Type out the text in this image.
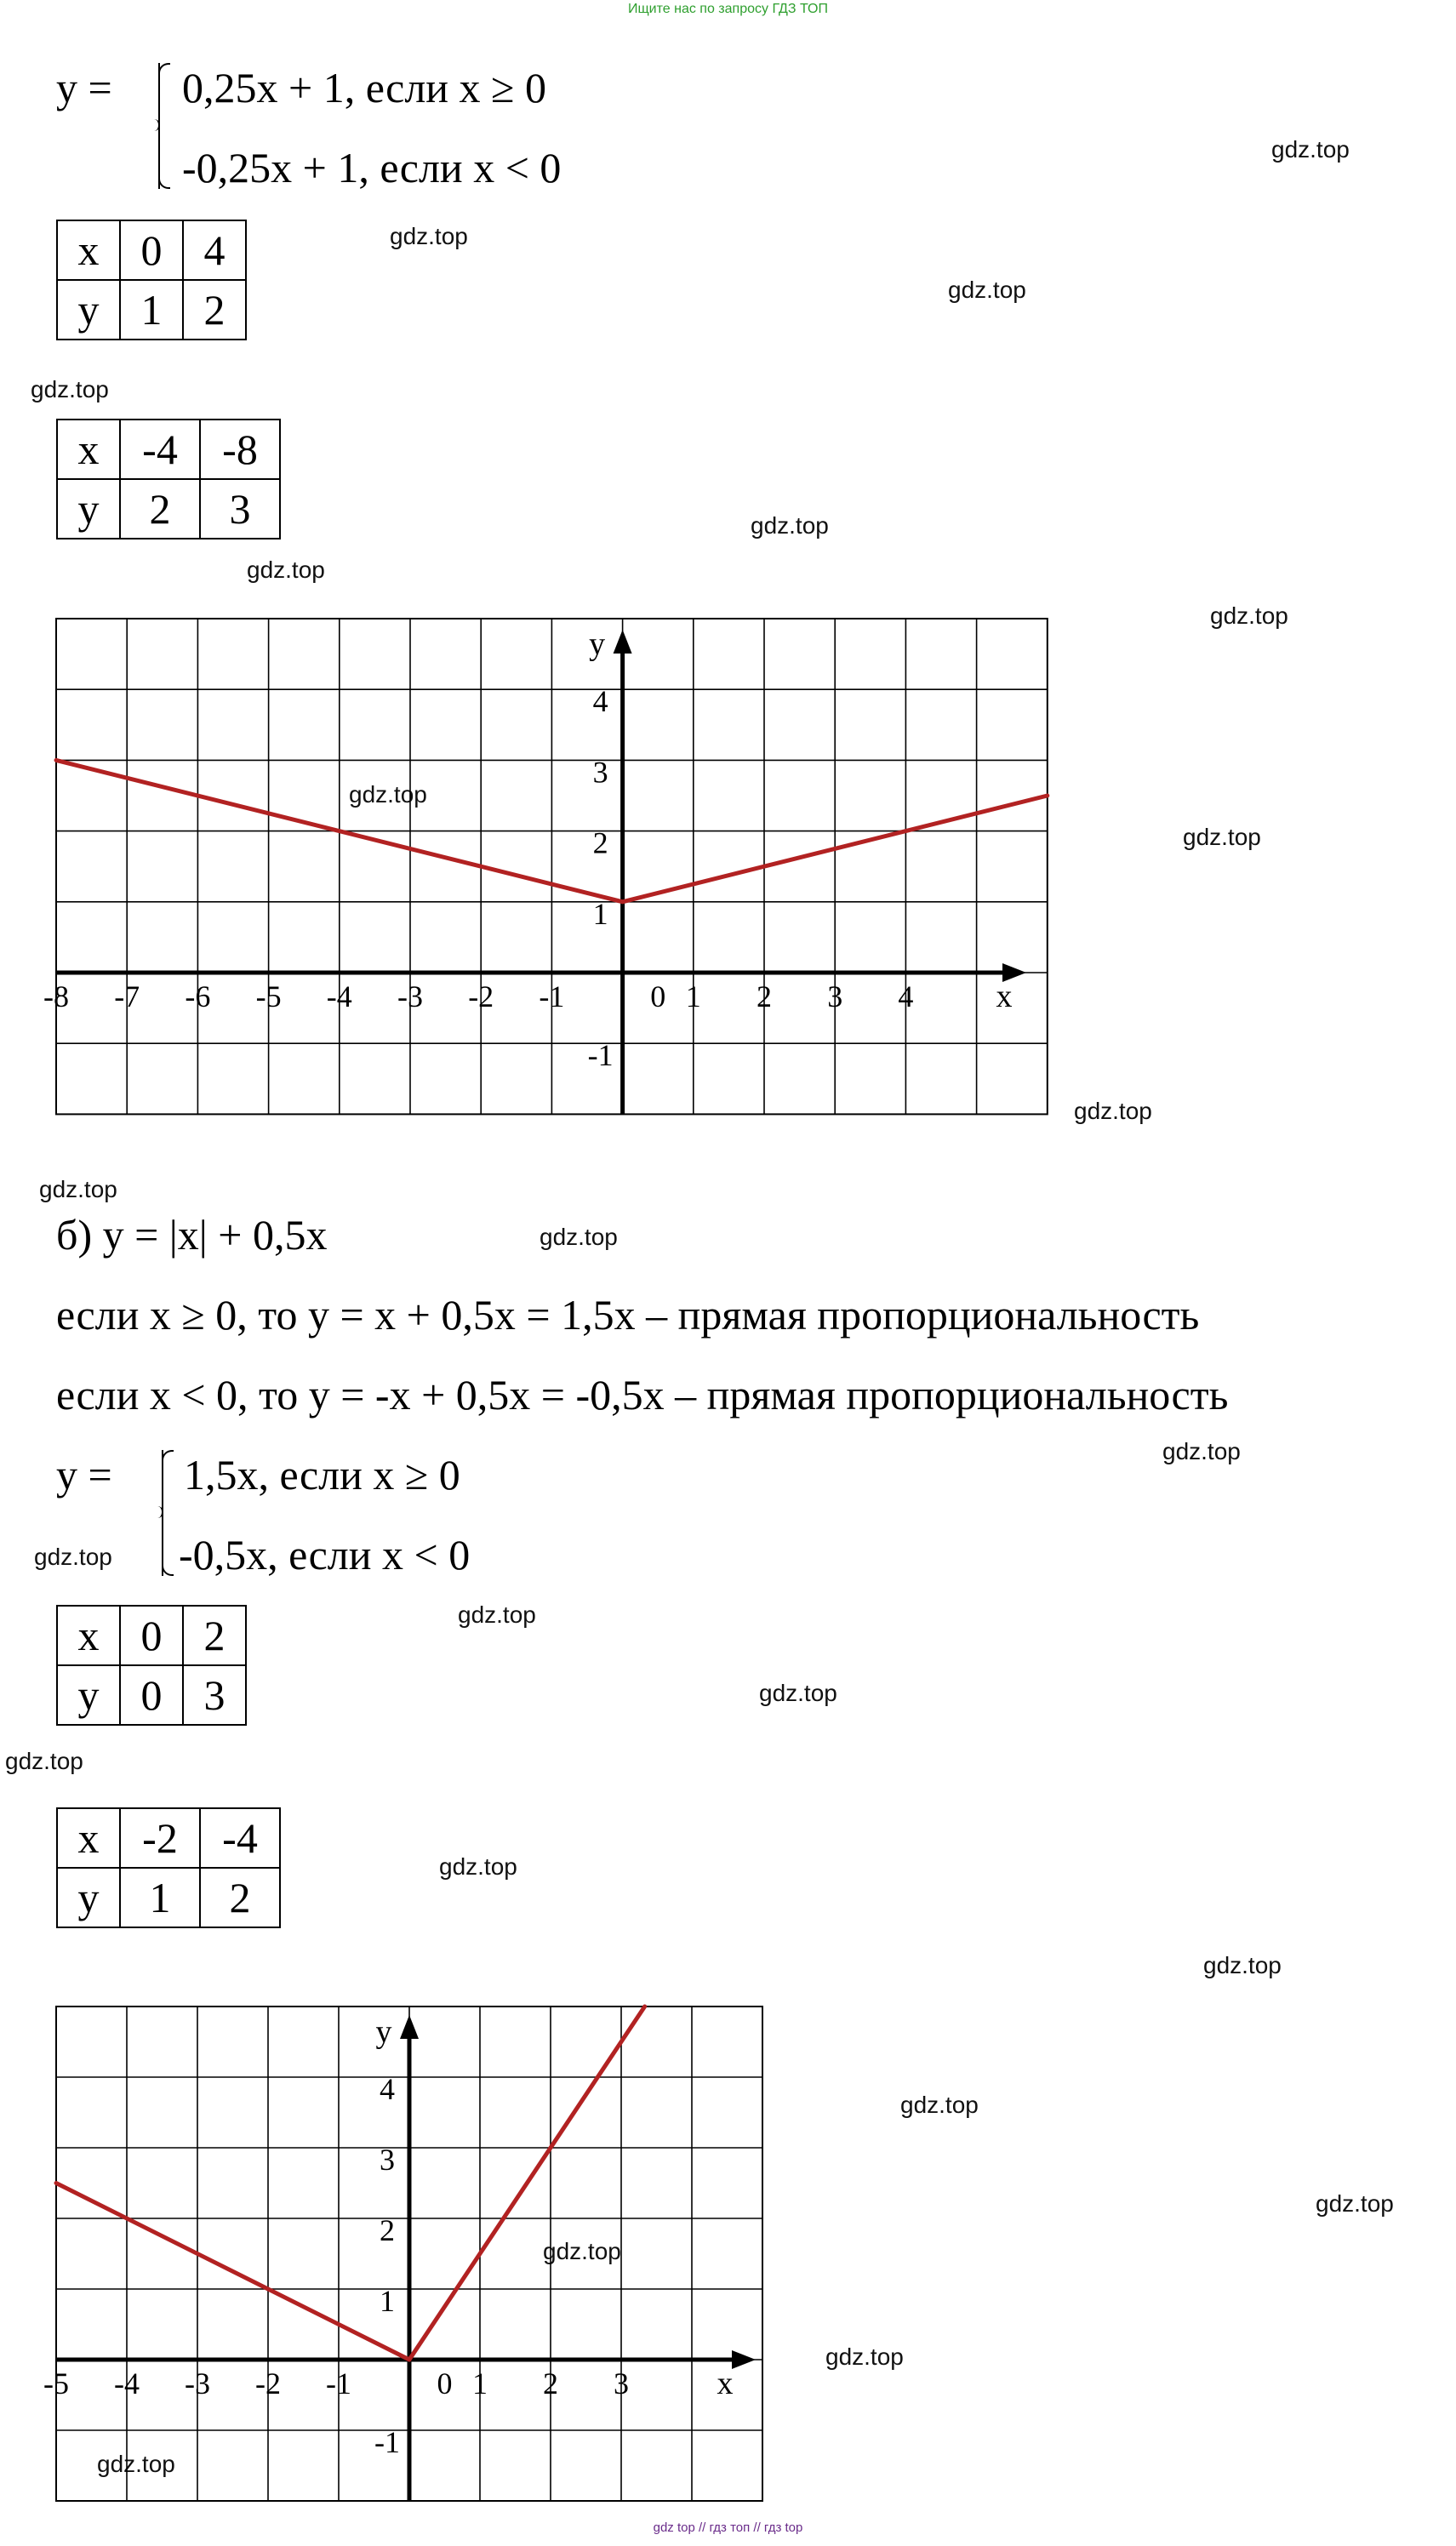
Ищите нас по запросу ГДЗ ТОП
gdz top // гдз топ // гдз top
gdz.top
gdz.top
gdz.top
gdz.top
gdz.top
gdz.top
gdz.top
gdz.top
gdz.top
gdz.top
gdz.top
gdz.top
gdz.top
gdz.top
gdz.top
gdz.top
gdz.top
gdz.top
gdz.top
gdz.top
gdz.top
gdz.top
gdz.top
gdz.top
y = 0,25x + 1, если x ≥ 0
-0,25x + 1, если x < 0
x	0	4
y	1	2
x	-4	-8
y	2	3
-8 -7 -6 -5 -4 -3 -2 -1	0 1 2 3 4
4
3
2
1
-1
y
x
б) y = |x| + 0,5x
если x ≥ 0, то y = x + 0,5x = 1,5x – прямая пропорциональность
если x < 0, то y = -x + 0,5x = -0,5x – прямая пропорциональность
y = 1,5x, если x ≥ 0
-0,5x, если x < 0
x	0	2
y	0	3
x	-2	-4
y	1	2
-5 -4 -3 -2 -1	0 1 2 3
4
3
2
1
-1
y
x
